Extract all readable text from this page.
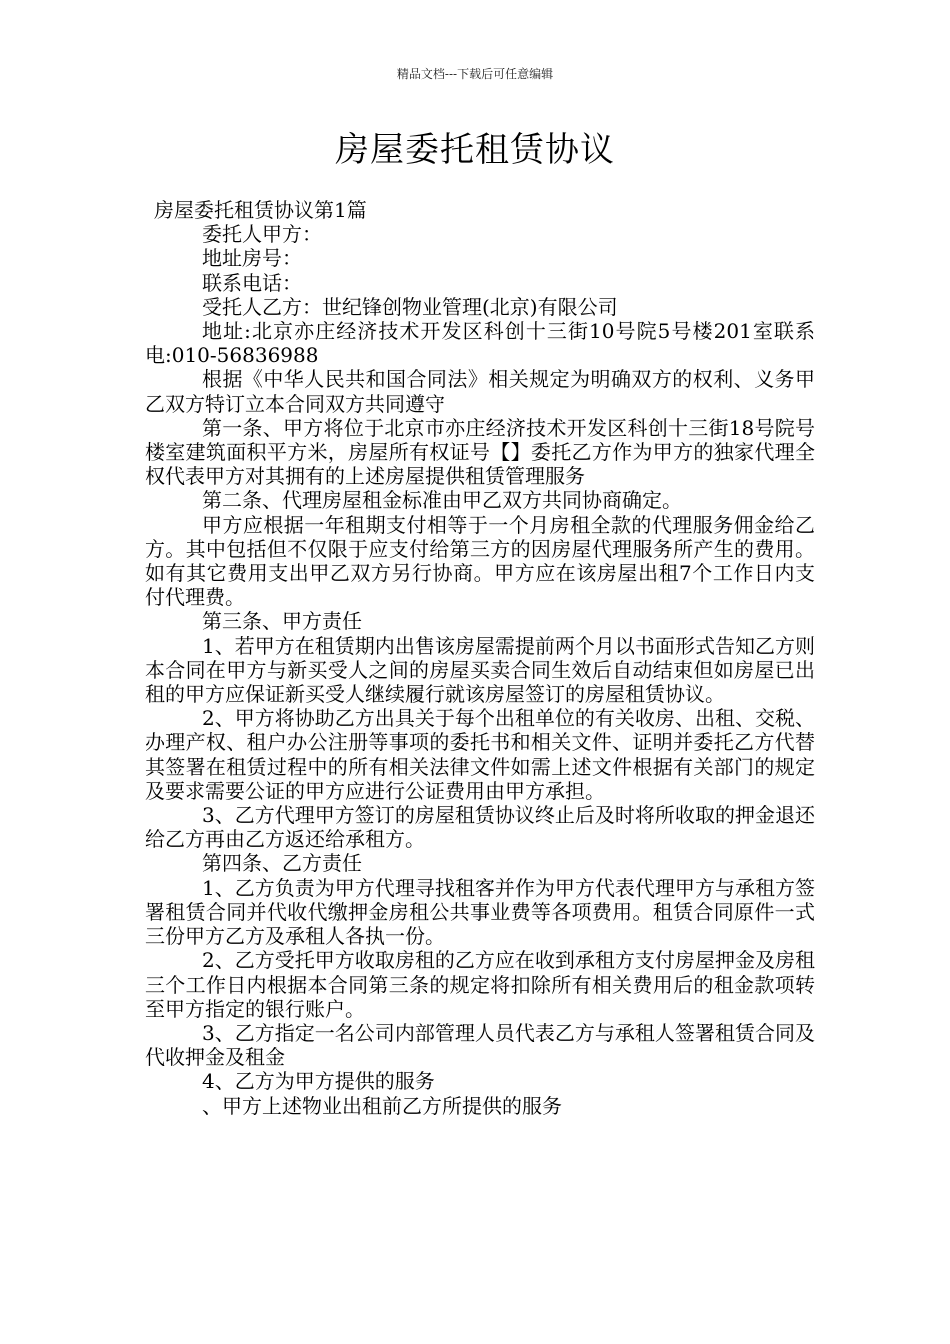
精品文档---下载后可任意编辑
房屋委托租赁协议

房屋委托租赁协议第1篇

委托人甲方：

地址房号：

联系电话：

受托人乙方：世纪锋创物业管理(北京)有限公司

地址:北京亦庄经济技术开发区科创十三街10号院5号楼201室联系电:010-56836988

根据《中华人民共和国合同法》相关规定为明确双方的权利、义务甲乙双方特订立本合同双方共同遵守

第一条、甲方将位于北京市亦庄经济技术开发区科创十三街18号院号楼室建筑面积平方米，房屋所有权证号【】委托乙方作为甲方的独家代理全权代表甲方对其拥有的上述房屋提供租赁管理服务

第二条、代理房屋租金标准由甲乙双方共同协商确定。

甲方应根据一年租期支付相等于一个月房租全款的代理服务佣金给乙方。其中包括但不仅限于应支付给第三方的因房屋代理服务所产生的费用。如有其它费用支出甲乙双方另行协商。甲方应在该房屋出租7个工作日内支付代理费。

第三条、甲方责任

1、若甲方在租赁期内出售该房屋需提前两个月以书面形式告知乙方则本合同在甲方与新买受人之间的房屋买卖合同生效后自动结束但如房屋已出租的甲方应保证新买受人继续履行就该房屋签订的房屋租赁协议。

2、甲方将协助乙方出具关于每个出租单位的有关收房、出租、交税、办理产权、租户办公注册等事项的委托书和相关文件、证明并委托乙方代替其签署在租赁过程中的所有相关法律文件如需上述文件根据有关部门的规定及要求需要公证的甲方应进行公证费用由甲方承担。

3、乙方代理甲方签订的房屋租赁协议终止后及时将所收取的押金退还给乙方再由乙方返还给承租方。

第四条、乙方责任

1、乙方负责为甲方代理寻找租客并作为甲方代表代理甲方与承租方签署租赁合同并代收代缴押金房租公共事业费等各项费用。租赁合同原件一式三份甲方乙方及承租人各执一份。

2、乙方受托甲方收取房租的乙方应在收到承租方支付房屋押金及房租三个工作日内根据本合同第三条的规定将扣除所有相关费用后的租金款项转至甲方指定的银行账户。

3、乙方指定一名公司内部管理人员代表乙方与承租人签署租赁合同及代收押金及租金

4、乙方为甲方提供的服务

、甲方上述物业出租前乙方所提供的服务
